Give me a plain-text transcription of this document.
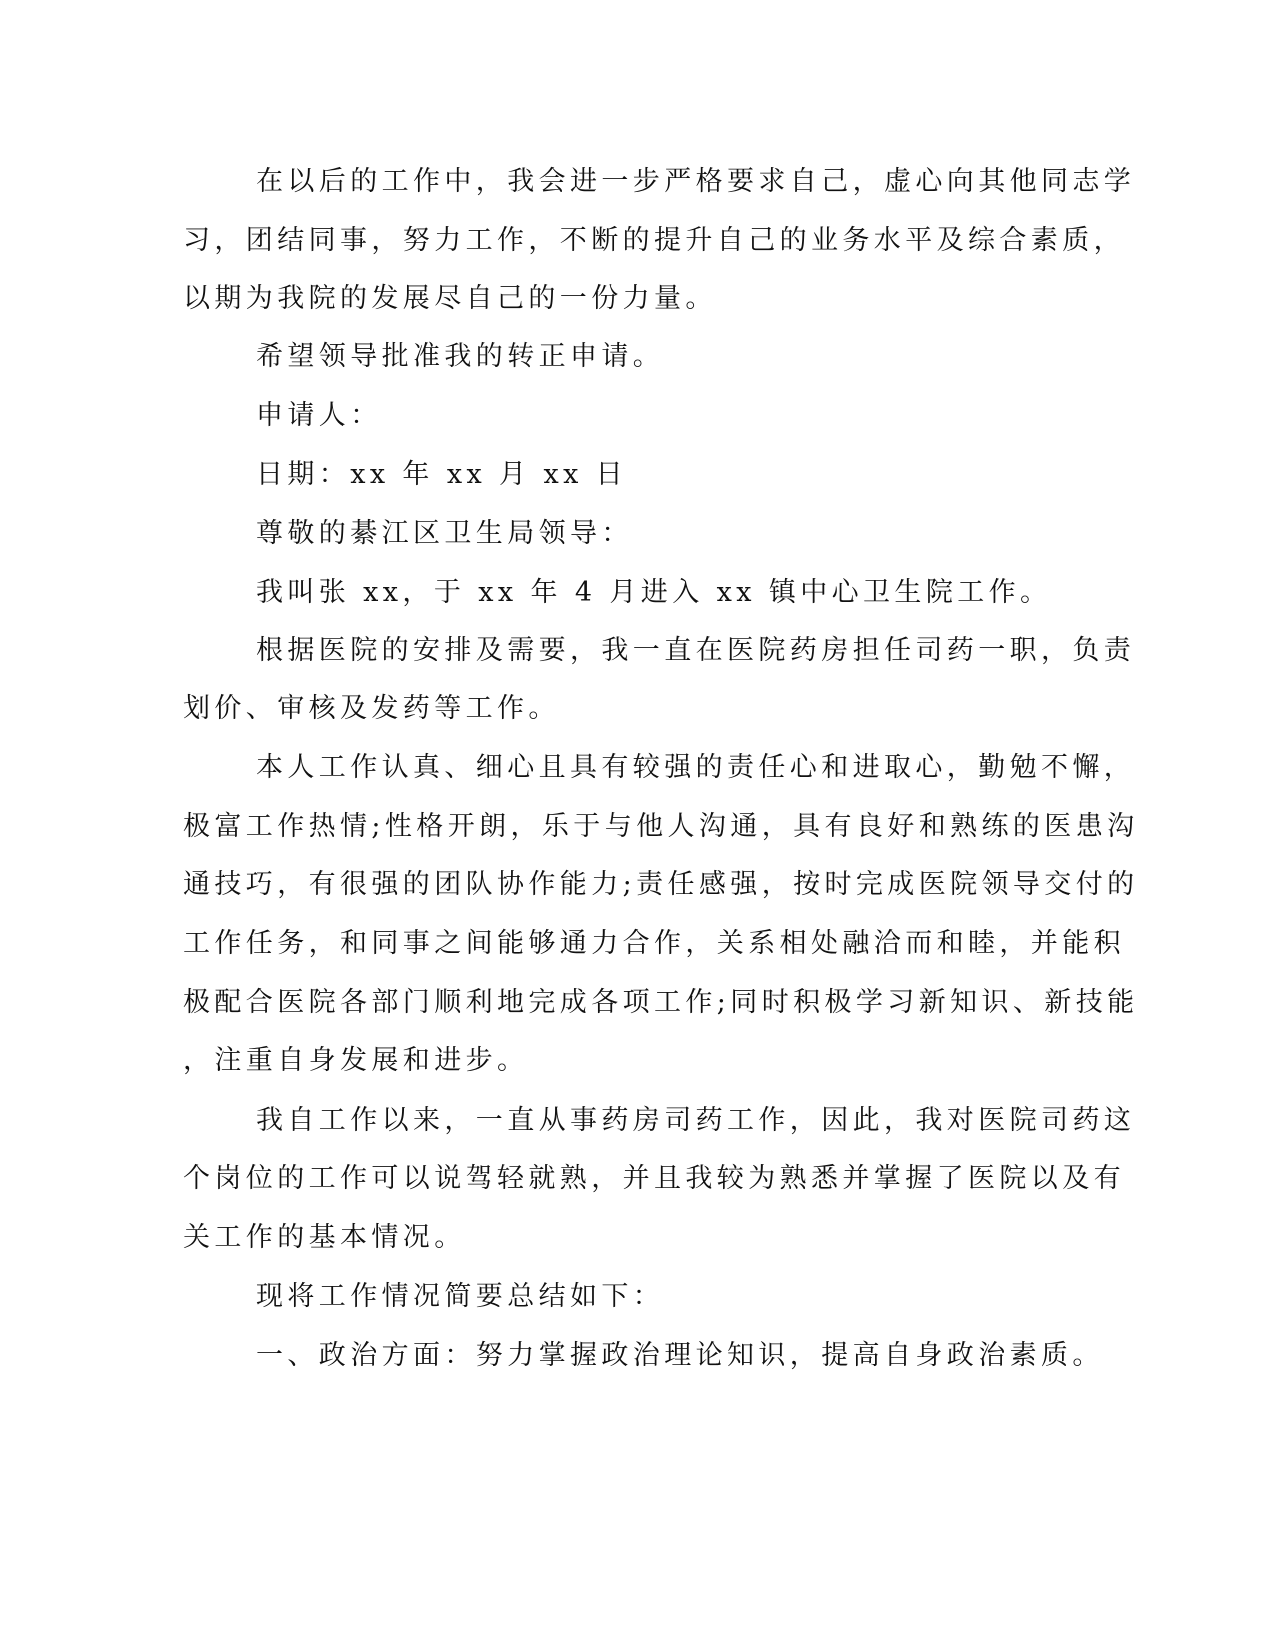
在以后的工作中，我会进一步严格要求自己，虚心向其他同志学
习，团结同事，努力工作，不断的提升自己的业务水平及综合素质，
以期为我院的发展尽自己的一份力量。
希望领导批准我的转正申请。
申请人：
日期：xx 年 xx 月 xx 日
尊敬的綦江区卫生局领导：
我叫张 xx，于 xx 年 4 月进入 xx 镇中心卫生院工作。
根据医院的安排及需要，我一直在医院药房担任司药一职，负责
划价、审核及发药等工作。
本人工作认真、细心且具有较强的责任心和进取心，勤勉不懈，
极富工作热情;性格开朗，乐于与他人沟通，具有良好和熟练的医患沟
通技巧，有很强的团队协作能力;责任感强，按时完成医院领导交付的
工作任务，和同事之间能够通力合作，关系相处融洽而和睦，并能积
极配合医院各部门顺利地完成各项工作;同时积极学习新知识、新技能
，注重自身发展和进步。
我自工作以来，一直从事药房司药工作，因此，我对医院司药这
个岗位的工作可以说驾轻就熟，并且我较为熟悉并掌握了医院以及有
关工作的基本情况。
现将工作情况简要总结如下：
一、政治方面：努力掌握政治理论知识，提高自身政治素质。
